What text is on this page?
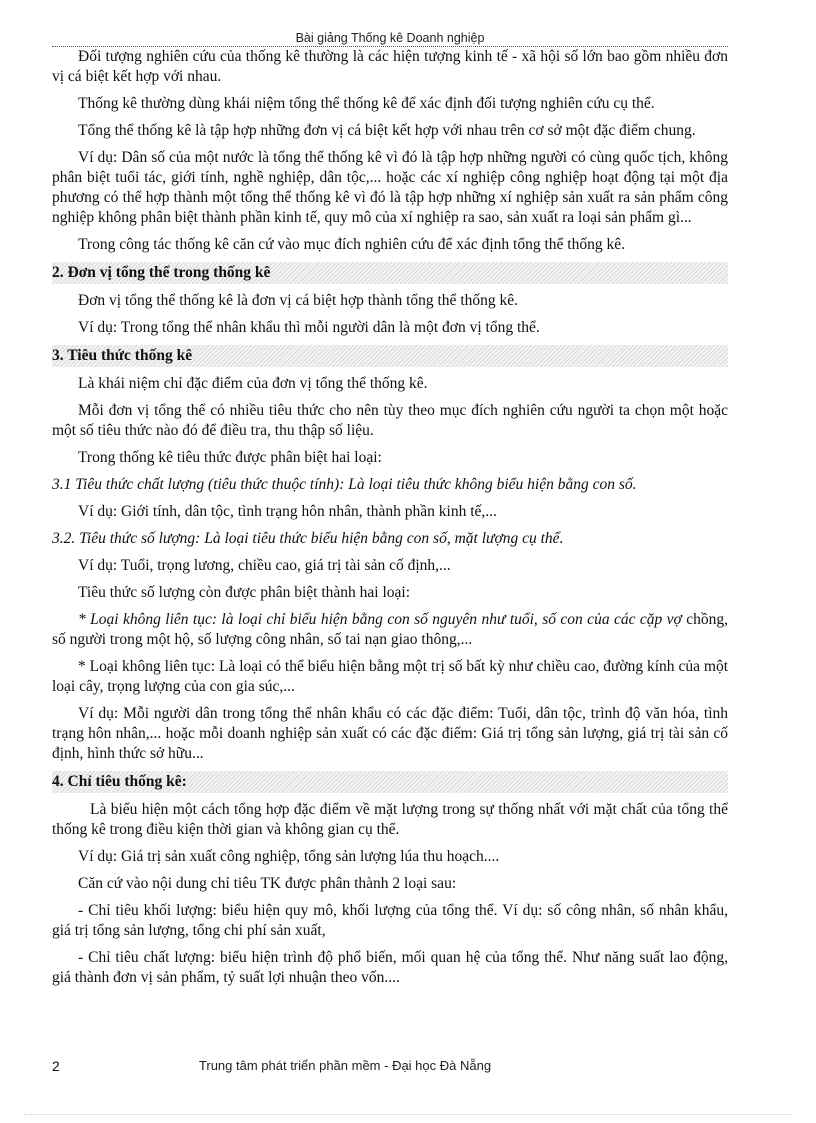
Bài giảng Thống kê Doanh nghiệp

Đối tượng nghiên cứu của thống kê thường là các hiện tượng kinh tế - xã hội số lớn bao gồm nhiều đơn vị cá biệt kết hợp với nhau.

Thống kê thường dùng khái niệm tổng thể thống kê để xác định đối tượng nghiên cứu cụ thể.

Tổng thể thống kê là tập hợp những đơn vị cá biệt kết hợp với nhau trên cơ sở một đặc điểm chung.

Ví dụ: Dân số của một nước là tổng thể thống kê vì đó là tập hợp những người có cùng quốc tịch, không phân biệt tuổi tác, giới tính, nghề nghiệp, dân tộc,... hoặc các xí nghiệp công nghiệp hoạt động tại một địa phương có thể hợp thành một tổng thể thống kê vì đó là tập hợp những xí nghiệp sản xuất ra sản phẩm công nghiệp không phân biệt thành phần kinh tế, quy mô của xí nghiệp ra sao, sản xuất ra loại sản phẩm gì...

Trong công tác thống kê căn cứ vào mục đích nghiên cứu để xác định tổng thể thống kê.

2. Đơn vị tổng thể trong thống kê

Đơn vị tổng thể thống kê là đơn vị cá biệt hợp thành tổng thể thống kê.

Ví dụ: Trong tổng thể nhân khẩu thì mỗi người dân là một đơn vị tổng thể.

3. Tiêu thức thống kê

Là khái niệm chỉ đặc điểm của đơn vị tổng thể thống kê.

Mỗi đơn vị tổng thể có nhiều tiêu thức cho nên tùy theo mục đích nghiên cứu người ta chọn một hoặc một số tiêu thức nào đó để điều tra, thu thập số liệu.

Trong thống kê tiêu thức được phân biệt hai loại:

3.1 Tiêu thức chất lượng (tiêu thức thuộc tính): Là loại tiêu thức không biểu hiện bằng con số.

Ví dụ: Giới tính, dân tộc, tình trạng hôn nhân, thành phần kinh tế,...

3.2. Tiêu thức số lượng: Là loại tiêu thức biểu hiện bằng con số, mặt lượng cụ thể.

Ví dụ: Tuổi, trọng lương, chiều cao, giá trị tài sản cố định,...

Tiêu thức số lượng còn được phân biệt thành hai loại:

* Loại không liên tục: là loại chỉ biểu hiện bằng con số nguyên như tuổi, số con của các cặp vợ chồng, số người trong một hộ, số lượng công nhân, số tai nạn giao thông,...

* Loại không liên tục: Là loại có thể biểu hiện bằng một trị số bất kỳ như chiều cao, đường kính của một loại cây, trọng lượng của con gia súc,...

Ví dụ: Mỗi người dân trong tổng thể nhân khẩu có các đặc điểm: Tuổi, dân tộc, trình độ văn hóa, tình trạng hôn nhân,... hoặc mỗi doanh nghiệp sản xuất có các đặc điểm: Giá trị tổng sản lượng, giá trị tài sản cố định, hình thức sở hữu...

4. Chỉ tiêu thống kê:

Là biểu hiện một cách tổng hợp đặc điểm về mặt lượng trong sự thống nhất với mặt chất của tổng thể thống kê trong điều kiện thời gian và không gian cụ thể.

Ví dụ: Giá trị sản xuất công nghiệp, tổng sản lượng lúa thu hoạch....

Căn cứ vào nội dung chỉ tiêu TK được phân thành 2 loại sau:

- Chỉ tiêu khối lượng: biểu hiện quy mô, khối lượng của tổng thể. Ví dụ: số công nhân, số nhân khẩu, giá trị tổng sản lượng, tổng chi phí sản xuất,

- Chỉ tiêu chất lượng: biểu hiện trình độ phổ biến, mối quan hệ của tổng thể. Như năng suất lao động, giá thành đơn vị sản phẩm, tỷ suất lợi nhuận theo vốn....

2	Trung tâm phát triển phần mềm - Đại học Đà Nẵng
